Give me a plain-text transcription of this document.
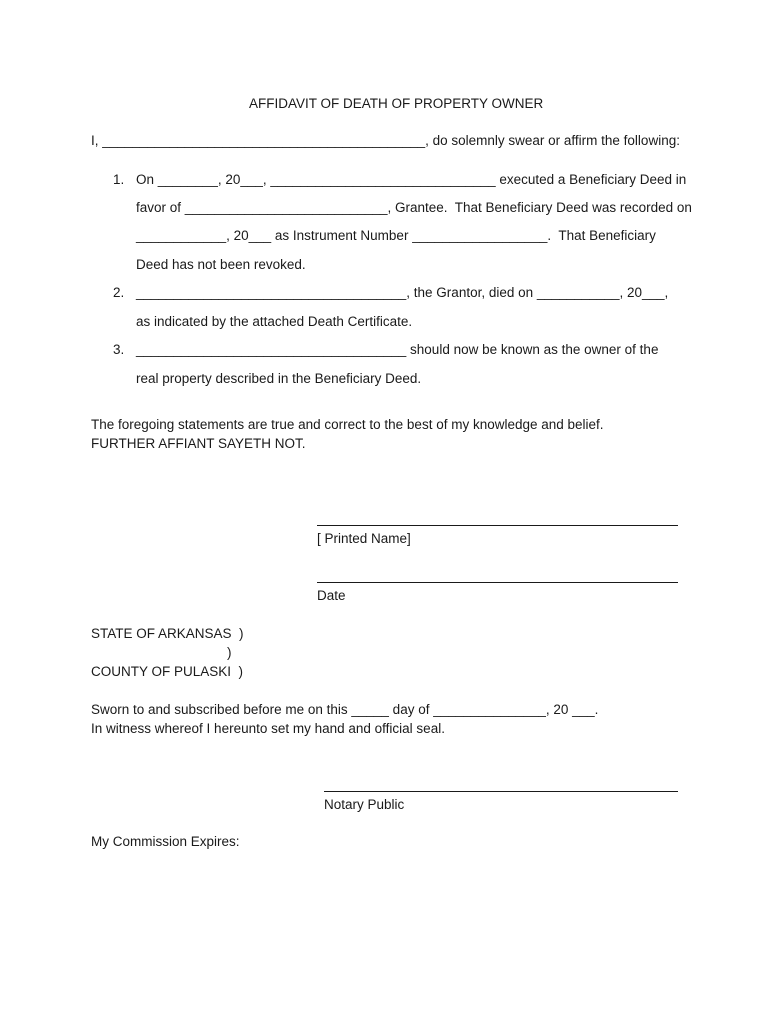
AFFIDAVIT OF DEATH OF PROPERTY OWNER
I, ___________________________________________, do solemnly swear or affirm the following:
1. On ________, 20___, ______________________________ executed a Beneficiary Deed in
favor of ___________________________, Grantee.  That Beneficiary Deed was recorded on
____________, 20___ as Instrument Number __________________.  That Beneficiary
Deed has not been revoked.
2. ____________________________________, the Grantor, died on ___________, 20___,
as indicated by the attached Death Certificate.
3. ____________________________________ should now be known as the owner of the
real property described in the Beneficiary Deed.
The foregoing statements are true and correct to the best of my knowledge and belief.
FURTHER AFFIANT SAYETH NOT.
[ Printed Name]
Date
STATE OF ARKANSAS  )
)
COUNTY OF PULASKI  )
Sworn to and subscribed before me on this _____ day of _______________, 20 ___.
In witness whereof I hereunto set my hand and official seal.
Notary Public
My Commission Expires:
